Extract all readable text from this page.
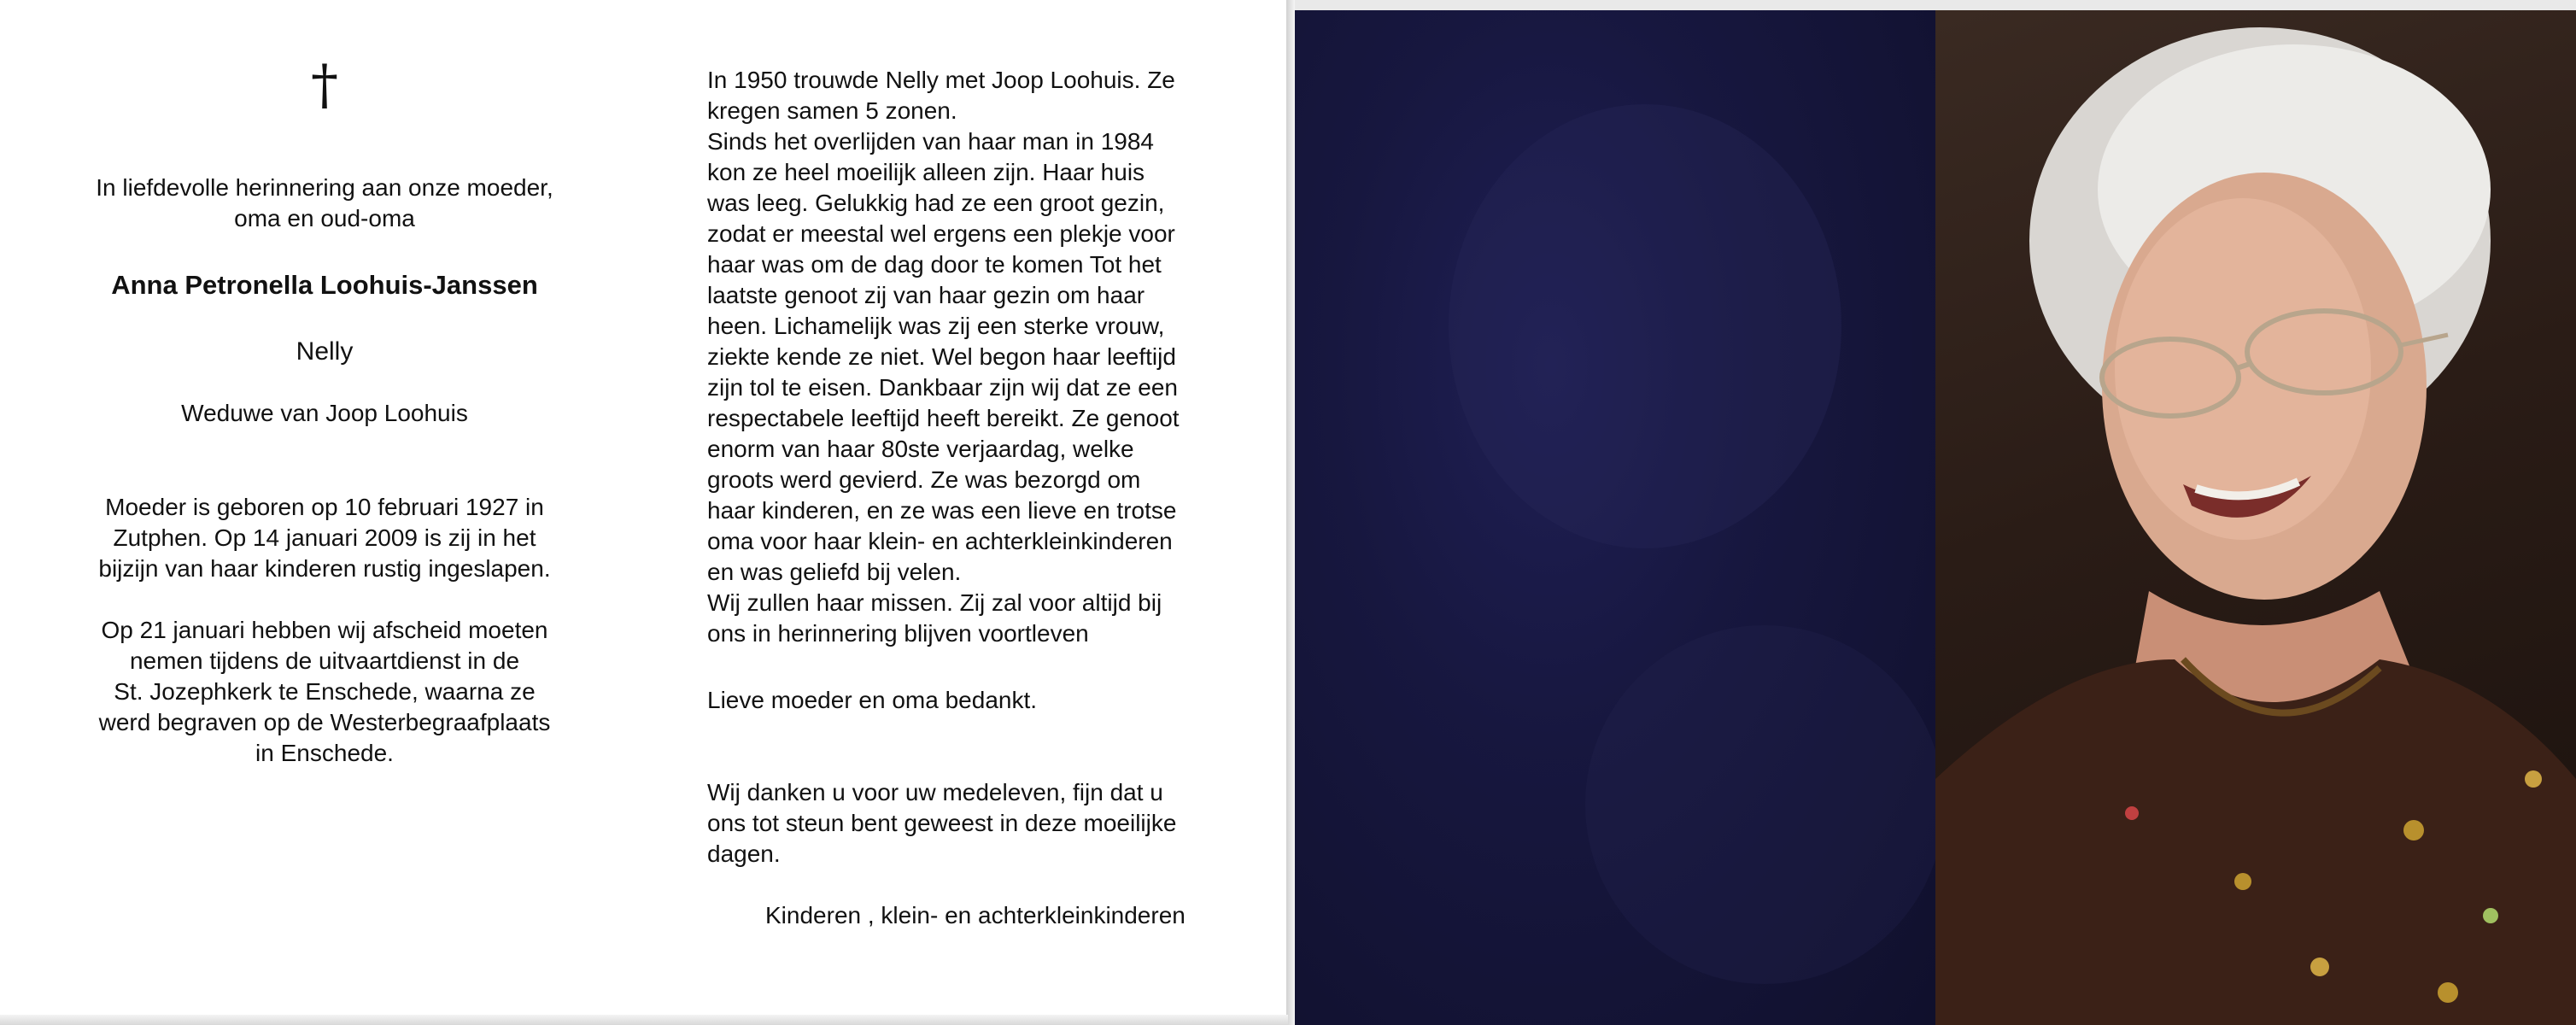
†
In liefdevolle herinnering aan onze moeder,
oma en oud-oma
Anna Petronella Loohuis-Janssen
Nelly
Weduwe van Joop Loohuis
Moeder is geboren op 10 februari 1927 in
Zutphen. Op 14 januari 2009 is zij in het
bijzijn van haar kinderen rustig ingeslapen.
Op 21 januari hebben wij afscheid moeten
nemen tijdens de uitvaartdienst in de
St. Jozephkerk te Enschede, waarna ze
werd begraven op de Westerbegraafplaats
in Enschede.
In 1950 trouwde Nelly met Joop Loohuis. Ze
kregen samen 5 zonen.
Sinds het overlijden van haar man in 1984
kon ze heel moeilijk alleen zijn. Haar huis
was leeg. Gelukkig had ze een groot gezin,
zodat er meestal wel ergens een plekje voor
haar was om de dag door te komen Tot het
laatste genoot zij van haar gezin om haar
heen. Lichamelijk was zij een sterke vrouw,
ziekte kende ze niet. Wel begon haar leeftijd
zijn tol te eisen. Dankbaar zijn wij dat ze een
respectabele leeftijd heeft bereikt. Ze genoot
enorm van haar 80ste verjaardag, welke
groots werd gevierd. Ze was bezorgd om
haar kinderen, en ze was een lieve en trotse
oma voor haar klein- en achterkleinkinderen
en was geliefd bij velen.
Wij zullen haar missen. Zij zal voor altijd bij
ons in herinnering blijven voortleven
Lieve moeder en oma bedankt.
Wij danken u voor uw medeleven, fijn dat u
ons tot steun bent geweest in deze moeilijke
dagen.
Kinderen , klein- en achterkleinkinderen
